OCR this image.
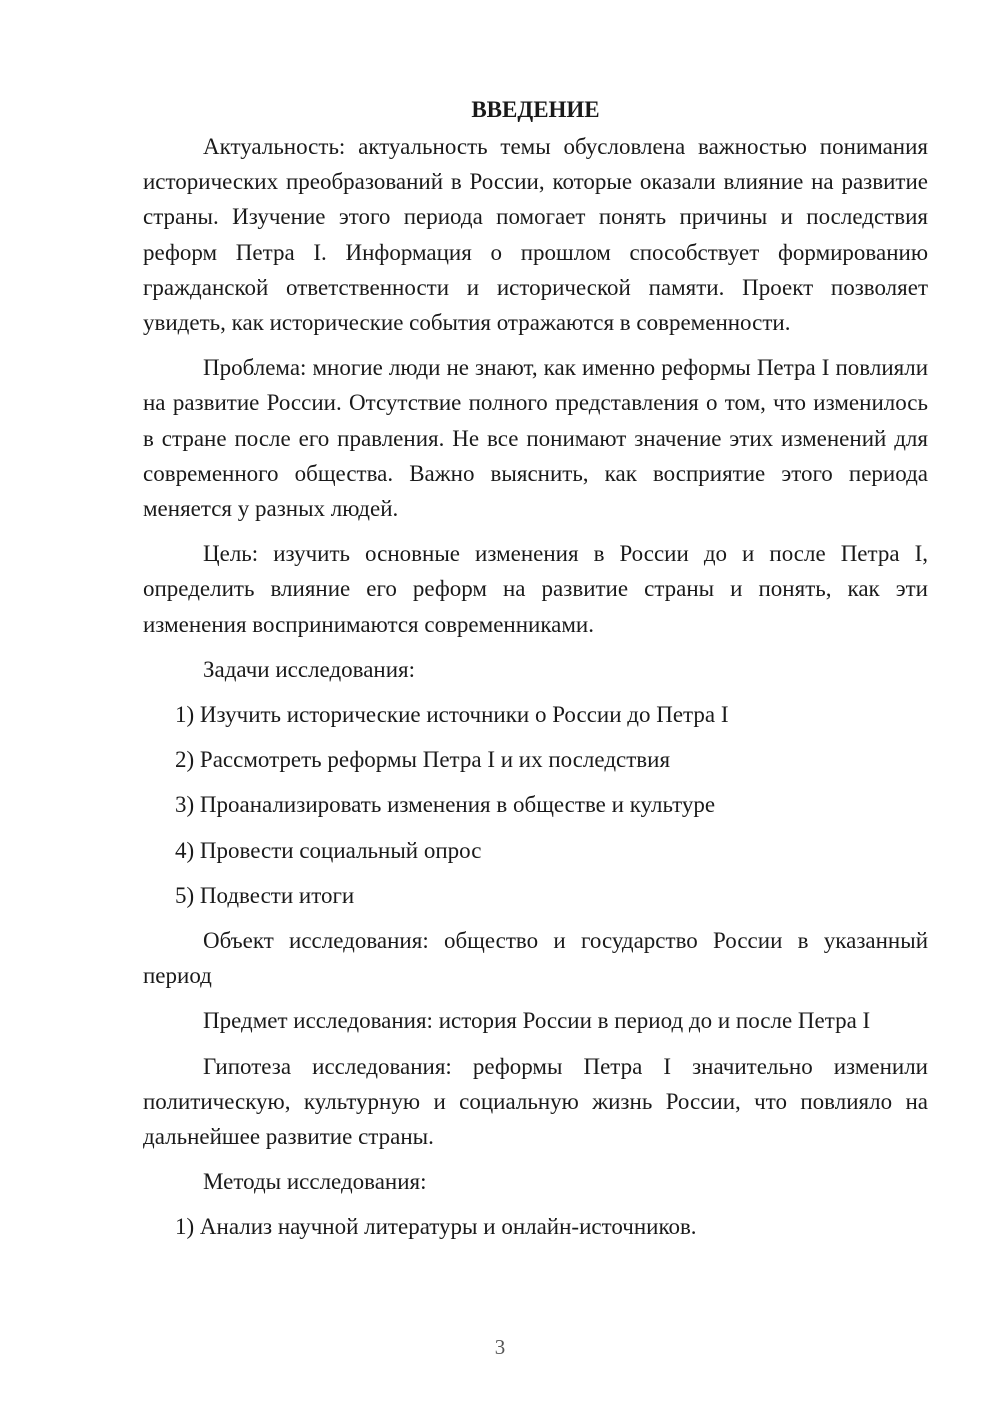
ВВЕДЕНИЕ

Актуальность: актуальность темы обусловлена важностью понимания исторических преобразований в России, которые оказали влияние на развитие страны. Изучение этого периода помогает понять причины и последствия реформ Петра I. Информация о прошлом способствует формированию гражданской ответственности и исторической памяти. Проект позволяет увидеть, как исторические события отражаются в современности.

Проблема: многие люди не знают, как именно реформы Петра I повлияли на развитие России. Отсутствие полного представления о том, что изменилось в стране после его правления. Не все понимают значение этих изменений для современного общества. Важно выяснить, как восприятие этого периода меняется у разных людей.

Цель: изучить основные изменения в России до и после Петра I, определить влияние его реформ на развитие страны и понять, как эти изменения воспринимаются современниками.

Задачи исследования:

1) Изучить исторические источники о России до Петра I

2) Рассмотреть реформы Петра I и их последствия

3) Проанализировать изменения в обществе и культуре

4) Провести социальный опрос

5) Подвести итоги

Объект исследования: общество и государство России в указанный период

Предмет исследования: история России в период до и после Петра I

Гипотеза исследования: реформы Петра I значительно изменили политическую, культурную и социальную жизнь России, что повлияло на дальнейшее развитие страны.

Методы исследования:

1) Анализ научной литературы и онлайн-источников.

3
